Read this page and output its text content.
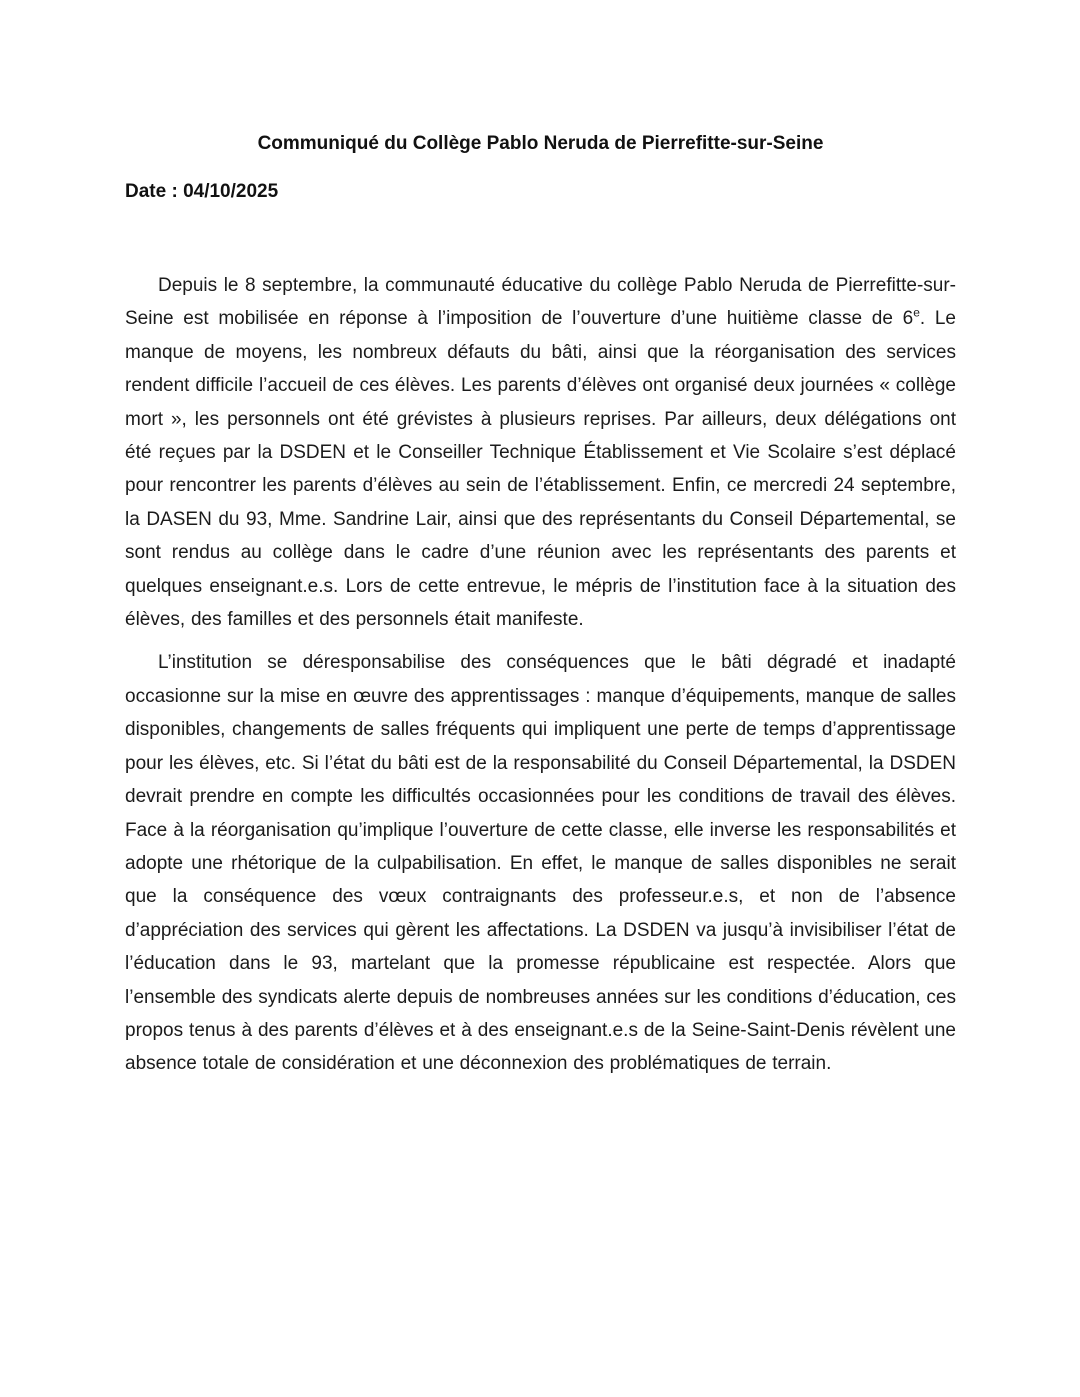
Communiqué du Collège Pablo Neruda de Pierrefitte-sur-Seine

Date : 04/10/2025

Depuis le 8 septembre, la communauté éducative du collège Pablo Neruda de Pierrefitte-sur-Seine est mobilisée en réponse à l’imposition de l’ouverture d’une huitième classe de 6e. Le manque de moyens, les nombreux défauts du bâti, ainsi que la réorganisation des services rendent difficile l’accueil de ces élèves. Les parents d’élèves ont organisé deux journées « collège mort », les personnels ont été grévistes à plusieurs reprises. Par ailleurs, deux délégations ont été reçues par la DSDEN et le Conseiller Technique Établissement et Vie Scolaire s’est déplacé pour rencontrer les parents d’élèves au sein de l’établissement. Enfin, ce mercredi 24 septembre, la DASEN du 93, Mme. Sandrine Lair, ainsi que des représentants du Conseil Départemental, se sont rendus au collège dans le cadre d’une réunion avec les représentants des parents et quelques enseignant.e.s. Lors de cette entrevue, le mépris de l’institution face à la situation des élèves, des familles et des personnels était manifeste.

L’institution se déresponsabilise des conséquences que le bâti dégradé et inadapté occasionne sur la mise en œuvre des apprentissages : manque d’équipements, manque de salles disponibles, changements de salles fréquents qui impliquent une perte de temps d’apprentissage pour les élèves, etc. Si l’état du bâti est de la responsabilité du Conseil Départemental, la DSDEN devrait prendre en compte les difficultés occasionnées pour les conditions de travail des élèves. Face à la réorganisation qu’implique l’ouverture de cette classe, elle inverse les responsabilités et adopte une rhétorique de la culpabilisation. En effet, le manque de salles disponibles ne serait que la conséquence des vœux contraignants des professeur.e.s, et non de l’absence d’appréciation des services qui gèrent les affectations. La DSDEN va jusqu’à invisibiliser l’état de l’éducation dans le 93, martelant que la promesse républicaine est respectée. Alors que l’ensemble des syndicats alerte depuis de nombreuses années sur les conditions d’éducation, ces propos tenus à des parents d’élèves et à des enseignant.e.s de la Seine-Saint-Denis révèlent une absence totale de considération et une déconnexion des problématiques de terrain.
